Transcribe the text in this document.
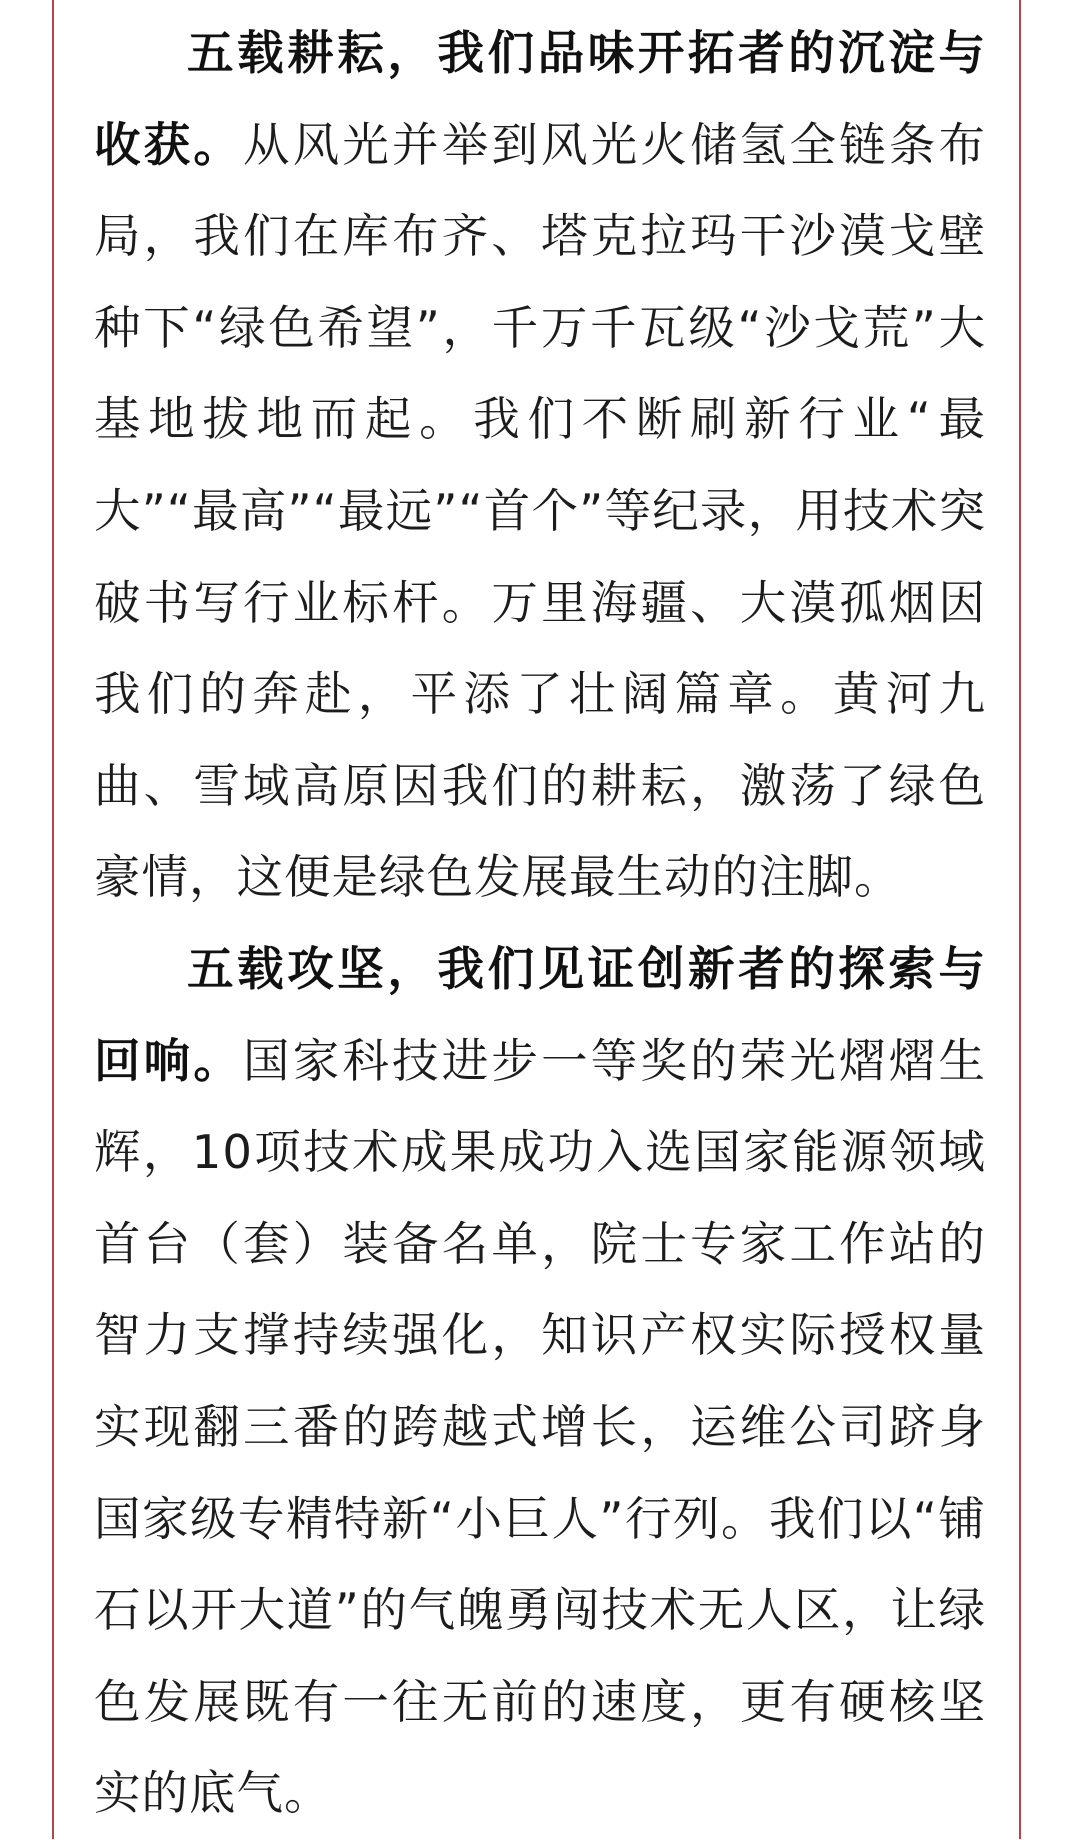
五载耕耘，我们品味开拓者的沉淀与收获。从风光并举到风光火储氢全链条布局，我们在库布齐、塔克拉玛干沙漠戈壁种下“绿色希望”，千万千瓦级“沙戈荒”大基地拔地而起。我们不断刷新行业“最大”“最高”“最远”“首个”等纪录，用技术突破书写行业标杆。万里海疆、大漠孤烟因我们的奔赴，平添了壮阔篇章。黄河九曲、雪域高原因我们的耕耘，激荡了绿色豪情，这便是绿色发展最生动的注脚。

五载攻坚，我们见证创新者的探索与回响。国家科技进步一等奖的荣光熠熠生辉，10项技术成果成功入选国家能源领域首台（套）装备名单，院士专家工作站的智力支撑持续强化，知识产权实际授权量实现翻三番的跨越式增长，运维公司跻身国家级专精特新“小巨人”行列。我们以“铺石以开大道”的气魄勇闯技术无人区，让绿色发展既有一往无前的速度，更有硬核坚实的底气。
